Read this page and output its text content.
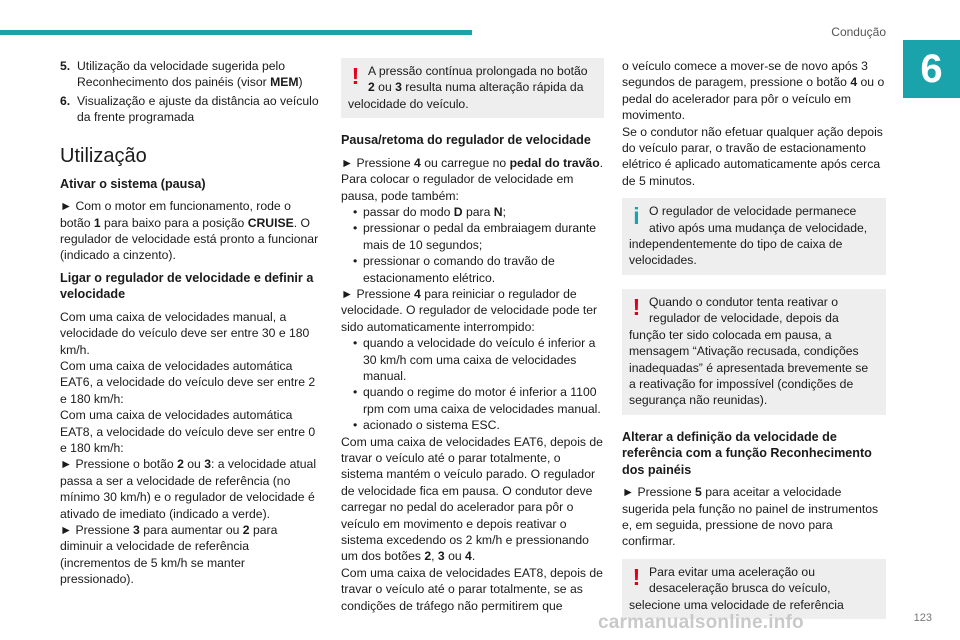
Condução
6
5. Utilização da velocidade sugerida pelo Reconhecimento dos painéis (visor MEM)
6. Visualização e ajuste da distância ao veículo da frente programada
Utilização
Ativar o sistema (pausa)

► Com o motor em funcionamento, rode o botão 1 para baixo para a posição CRUISE. O regulador de velocidade está pronto a funcionar (indicado a cinzento).

Ligar o regulador de velocidade e definir a velocidade

Com uma caixa de velocidades manual, a velocidade do veículo deve ser entre 30 e 180 km/h.

Com uma caixa de velocidades automática EAT6, a velocidade do veículo deve ser entre 2 e 180 km/h:

Com uma caixa de velocidades automática EAT8, a velocidade do veículo deve ser entre 0 e 180 km/h:

► Pressione o botão 2 ou 3: a velocidade atual passa a ser a velocidade de referência (no mínimo 30 km/h) e o regulador de velocidade é ativado de imediato (indicado a verde).

► Pressione 3 para aumentar ou 2 para diminuir a velocidade de referência (incrementos de 5 km/h se manter pressionado).

! A pressão contínua prolongada no botão 2 ou 3 resulta numa alteração rápida da velocidade do veículo.

Pausa/retoma do regulador de velocidade

► Pressione 4 ou carregue no pedal do travão.

Para colocar o regulador de velocidade em pausa, pode também:

• passar do modo D para N;
• pressionar o pedal da embraiagem durante mais de 10 segundos;
• pressionar o comando do travão de estacionamento elétrico.

► Pressione 4 para reiniciar o regulador de velocidade. O regulador de velocidade pode ter sido automaticamente interrompido:

• quando a velocidade do veículo é inferior a 30 km/h com uma caixa de velocidades manual.
• quando o regime do motor é inferior a 1100 rpm com uma caixa de velocidades manual.
• acionado o sistema ESC.

Com uma caixa de velocidades EAT6, depois de travar o veículo até o parar totalmente, o sistema mantém o veículo parado. O regulador de velocidade fica em pausa. O condutor deve carregar no pedal do acelerador para pôr o veículo em movimento e depois reativar o sistema excedendo os 2 km/h e pressionando um dos botões 2, 3 ou 4.

Com uma caixa de velocidades EAT8, depois de travar o veículo até o parar totalmente, se as condições de tráfego não permitirem que

o veículo comece a mover-se de novo após 3 segundos de paragem, pressione o botão 4 ou o pedal do acelerador para pôr o veículo em movimento.

Se o condutor não efetuar qualquer ação depois do veículo parar, o travão de estacionamento elétrico é aplicado automaticamente após cerca de 5 minutos.

i O regulador de velocidade permanece ativo após uma mudança de velocidade, independentemente do tipo de caixa de velocidades.

! Quando o condutor tenta reativar o regulador de velocidade, depois da função ter sido colocada em pausa, a mensagem “Ativação recusada, condições inadequadas” é apresentada brevemente se a reativação for impossível (condições de segurança não reunidas).

Alterar a definição da velocidade de referência com a função Reconhecimento dos painéis

► Pressione 5 para aceitar a velocidade sugerida pela função no painel de instrumentos e, em seguida, pressione de novo para confirmar.

! Para evitar uma aceleração ou desaceleração brusca do veículo, selecione uma velocidade de referência

carmanualsonline.info	123
